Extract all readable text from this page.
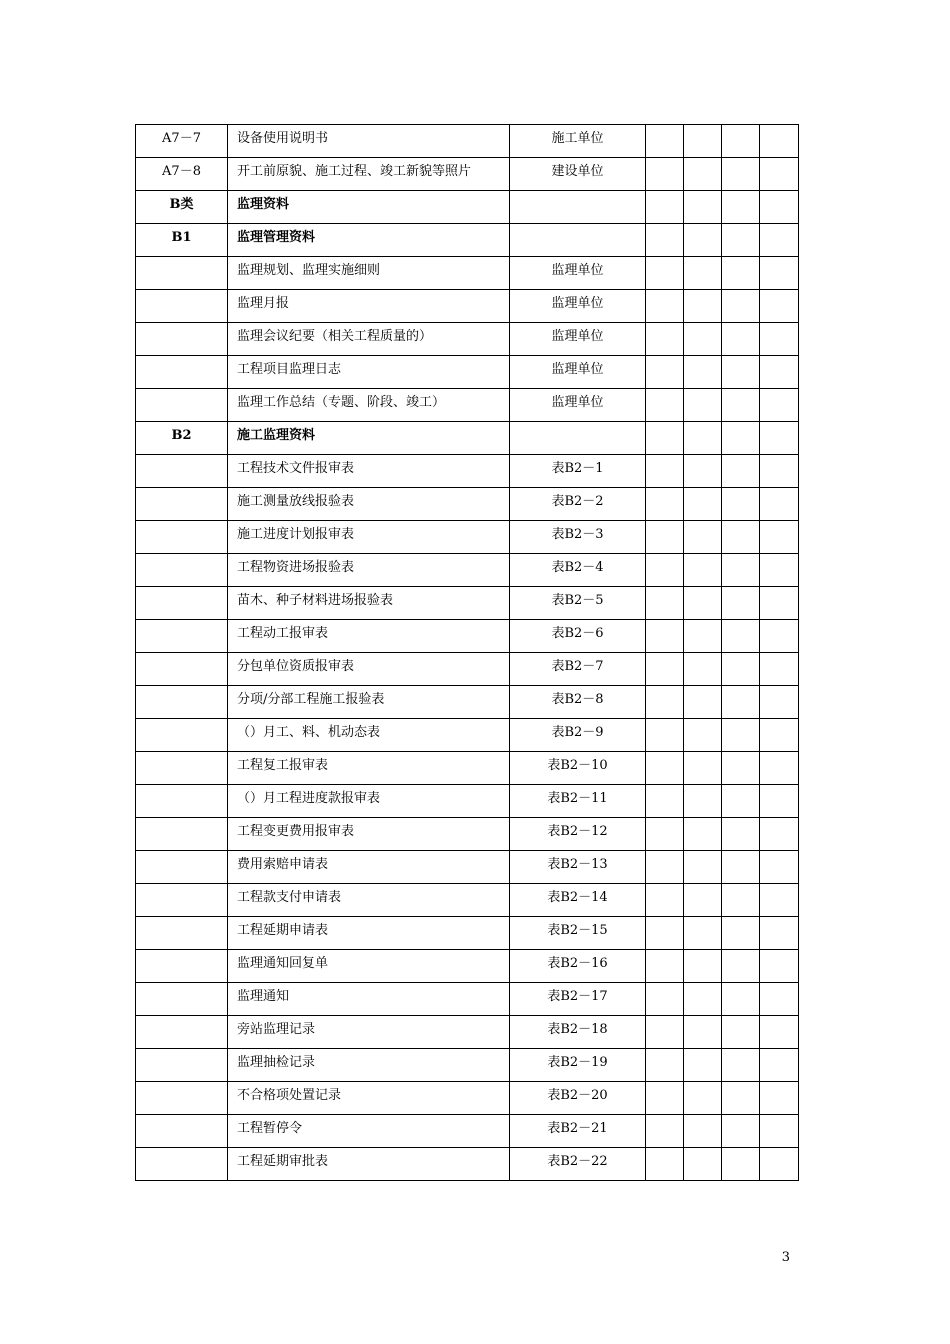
A7－7	设备使用说明书	施工单位				

A7－8	开工前原貌、施工过程、竣工新貌等照片	建设单位				

B类	监理资料					

B1	监理管理资料					

	监理规划、监理实施细则	监理单位				

	监理月报	监理单位				

	监理会议纪要（相关工程质量的）	监理单位				

	工程项目监理日志	监理单位				

	监理工作总结（专题、阶段、竣工）	监理单位				

B2	施工监理资料					

	工程技术文件报审表	表B2－1				

	施工测量放线报验表	表B2－2				

	施工进度计划报审表	表B2－3				

	工程物资进场报验表	表B2－4				

	苗木、种子材料进场报验表	表B2－5				

	工程动工报审表	表B2－6				

	分包单位资质报审表	表B2－7				

	分项/分部工程施工报验表	表B2－8				

	（）月工、料、机动态表	表B2－9				

	工程复工报审表	表B2－10				

	（）月工程进度款报审表	表B2－11				

	工程变更费用报审表	表B2－12				

	费用索赔申请表	表B2－13				

	工程款支付申请表	表B2－14				

	工程延期申请表	表B2－15				

	监理通知回复单	表B2－16				

	监理通知	表B2－17				

	旁站监理记录	表B2－18				

	监理抽检记录	表B2－19				

	不合格项处置记录	表B2－20				

	工程暂停令	表B2－21				

	工程延期审批表	表B2－22				

3
